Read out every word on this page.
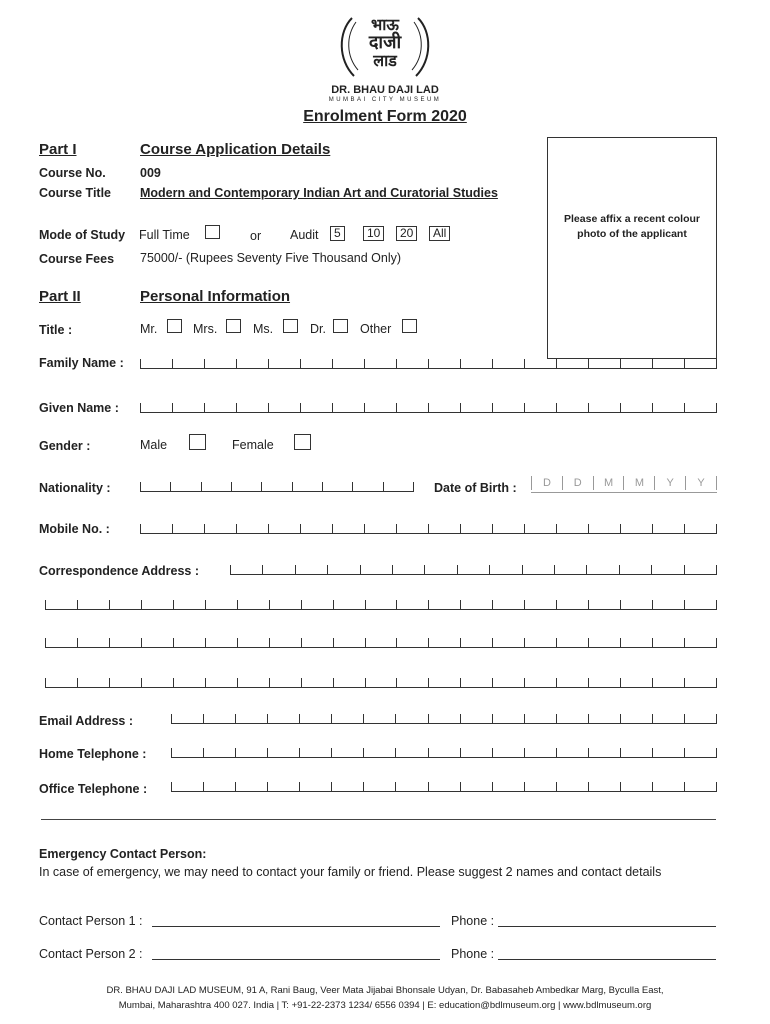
भाऊ
दाजी
लाड
DR. BHAU DAJI LAD
MUMBAI CITY MUSEUM
Enrolment Form 2020
Part I	Course Application Details
Course No.	009
Course Title Modern and Contemporary Indian Art and Curatorial Studies
Please affix a recent colour photo of the applicant
Mode of Study Full Time	or Audit	5	10	20	All
Course Fees 75000/- (Rupees Seventy Five Thousand Only)
Part II	Personal Information
Title :	Mr.	Mrs.	Ms.	Dr.	Other
Family Name :
Given Name :
Gender :	Male	Female
Nationality :	Date of Birth :	D	D	M	M	Y	Y
Mobile No. :
Correspondence Address :
Email Address :
Home Telephone :
Office Telephone :
Emergency Contact Person:
In case of emergency, we may need to contact your family or friend. Please suggest 2 names and contact details
Contact Person 1 :	Phone :
Contact Person 2 :	Phone :
DR. BHAU DAJI LAD MUSEUM, 91 A, Rani Baug, Veer Mata Jijabai Bhonsale Udyan, Dr. Babasaheb Ambedkar Marg, Byculla East,
Mumbai, Maharashtra 400 027. India | T: +91-22-2373 1234/ 6556 0394 | E: education@bdlmuseum.org | www.bdlmuseum.org
